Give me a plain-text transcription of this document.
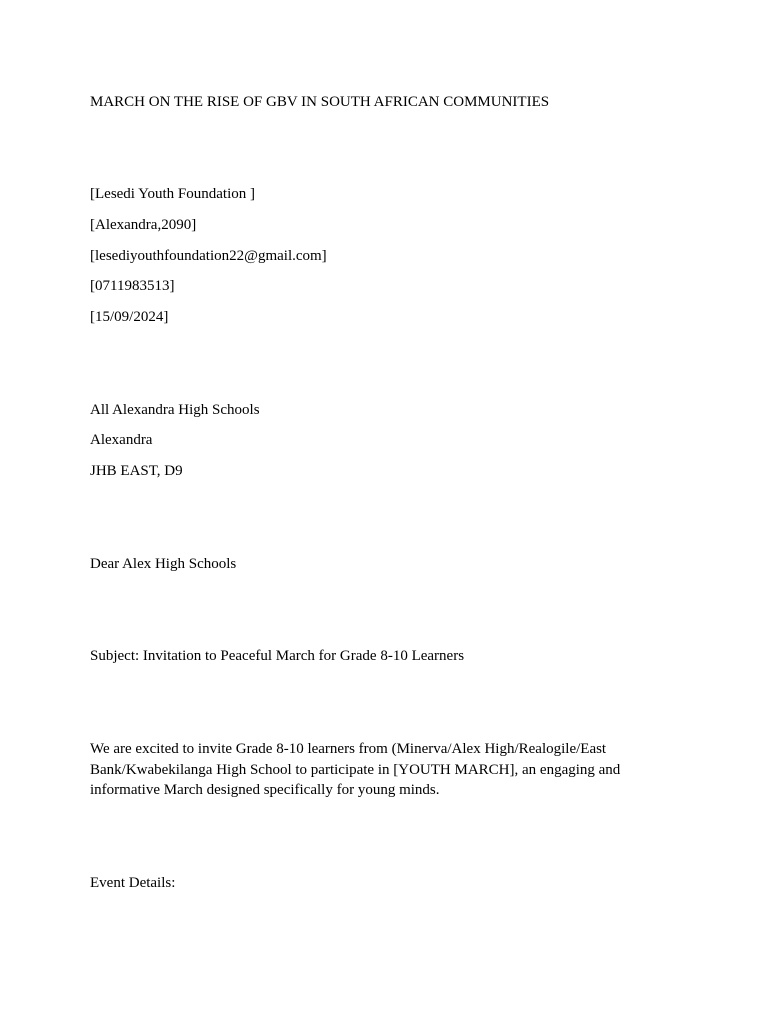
MARCH ON THE RISE OF GBV IN SOUTH AFRICAN COMMUNITIES
[Lesedi Youth Foundation ]
[Alexandra,2090]
[lesediyouthfoundation22@gmail.com]
[0711983513]
[15/09/2024]
All Alexandra High Schools
Alexandra
JHB EAST, D9
Dear Alex High Schools
Subject: Invitation to Peaceful March for Grade 8-10 Learners
We are excited to invite Grade 8-10 learners from (Minerva/Alex High/Realogile/East Bank/Kwabekilanga High School to participate in [YOUTH MARCH], an engaging and informative March designed specifically for young minds.
Event Details:
